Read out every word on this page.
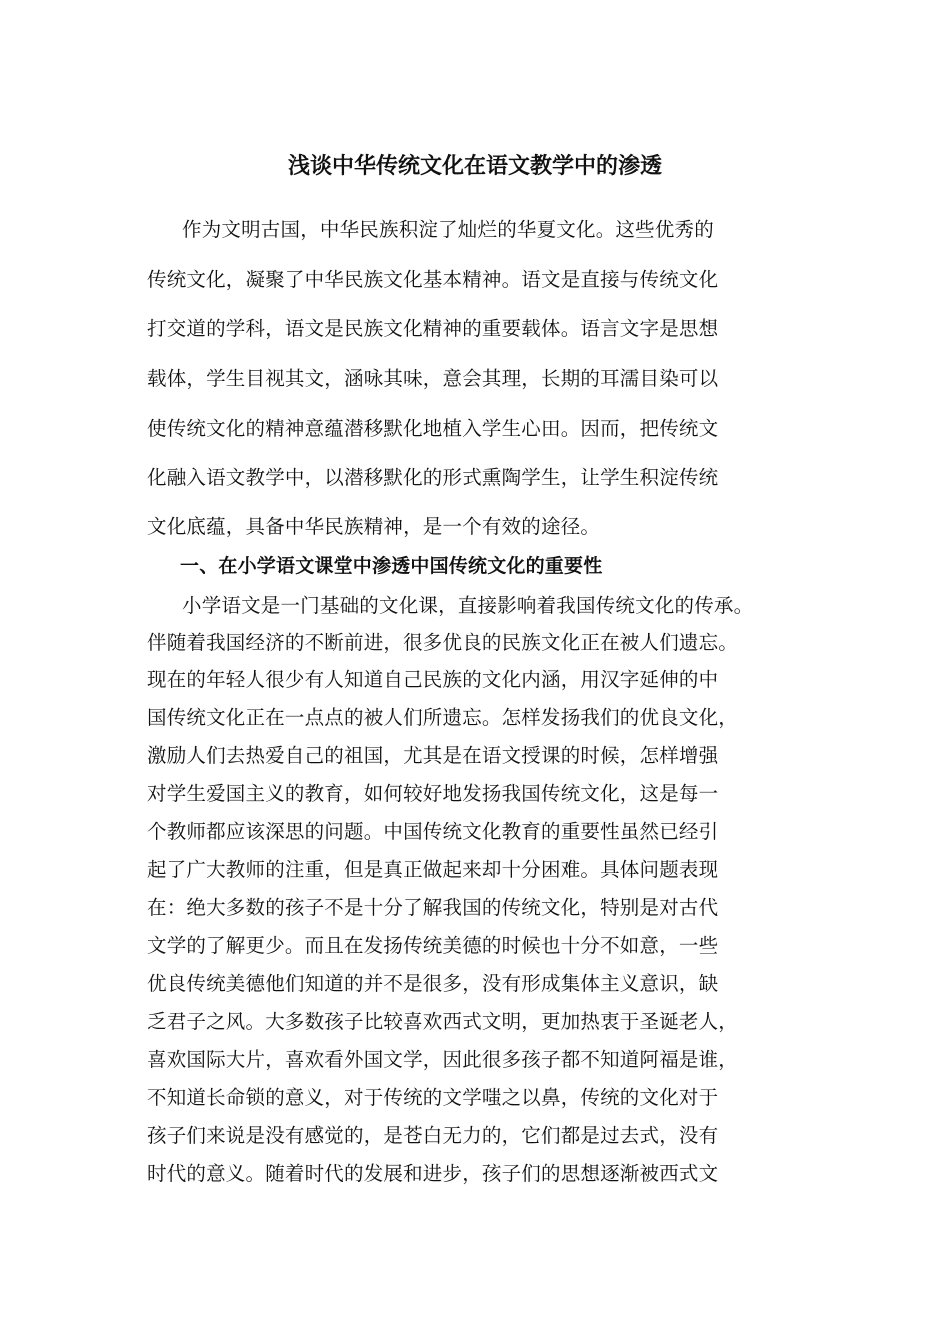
浅谈中华传统文化在语文教学中的渗透
作为文明古国，中华民族积淀了灿烂的华夏文化。这些优秀的
传统文化，凝聚了中华民族文化基本精神。语文是直接与传统文化
打交道的学科，语文是民族文化精神的重要载体。语言文字是思想
载体，学生目视其文，涵咏其味，意会其理，长期的耳濡目染可以
使传统文化的精神意蕴潜移默化地植入学生心田。因而，把传统文
化融入语文教学中，以潜移默化的形式熏陶学生，让学生积淀传统
文化底蕴，具备中华民族精神，是一个有效的途径。
一、在小学语文课堂中渗透中国传统文化的重要性
小学语文是一门基础的文化课，直接影响着我国传统文化的传承。
伴随着我国经济的不断前进，很多优良的民族文化正在被人们遗忘。
现在的年轻人很少有人知道自己民族的文化内涵，用汉字延伸的中
国传统文化正在一点点的被人们所遗忘。怎样发扬我们的优良文化，
激励人们去热爱自己的祖国，尤其是在语文授课的时候，怎样增强
对学生爱国主义的教育，如何较好地发扬我国传统文化，这是每一
个教师都应该深思的问题。中国传统文化教育的重要性虽然已经引
起了广大教师的注重，但是真正做起来却十分困难。具体问题表现
在：绝大多数的孩子不是十分了解我国的传统文化，特别是对古代
文学的了解更少。而且在发扬传统美德的时候也十分不如意，一些
优良传统美德他们知道的并不是很多，没有形成集体主义意识，缺
乏君子之风。大多数孩子比较喜欢西式文明，更加热衷于圣诞老人，
喜欢国际大片，喜欢看外国文学，因此很多孩子都不知道阿福是谁，
不知道长命锁的意义，对于传统的文学嗤之以鼻，传统的文化对于
孩子们来说是没有感觉的，是苍白无力的，它们都是过去式，没有
时代的意义。随着时代的发展和进步，孩子们的思想逐渐被西式文
